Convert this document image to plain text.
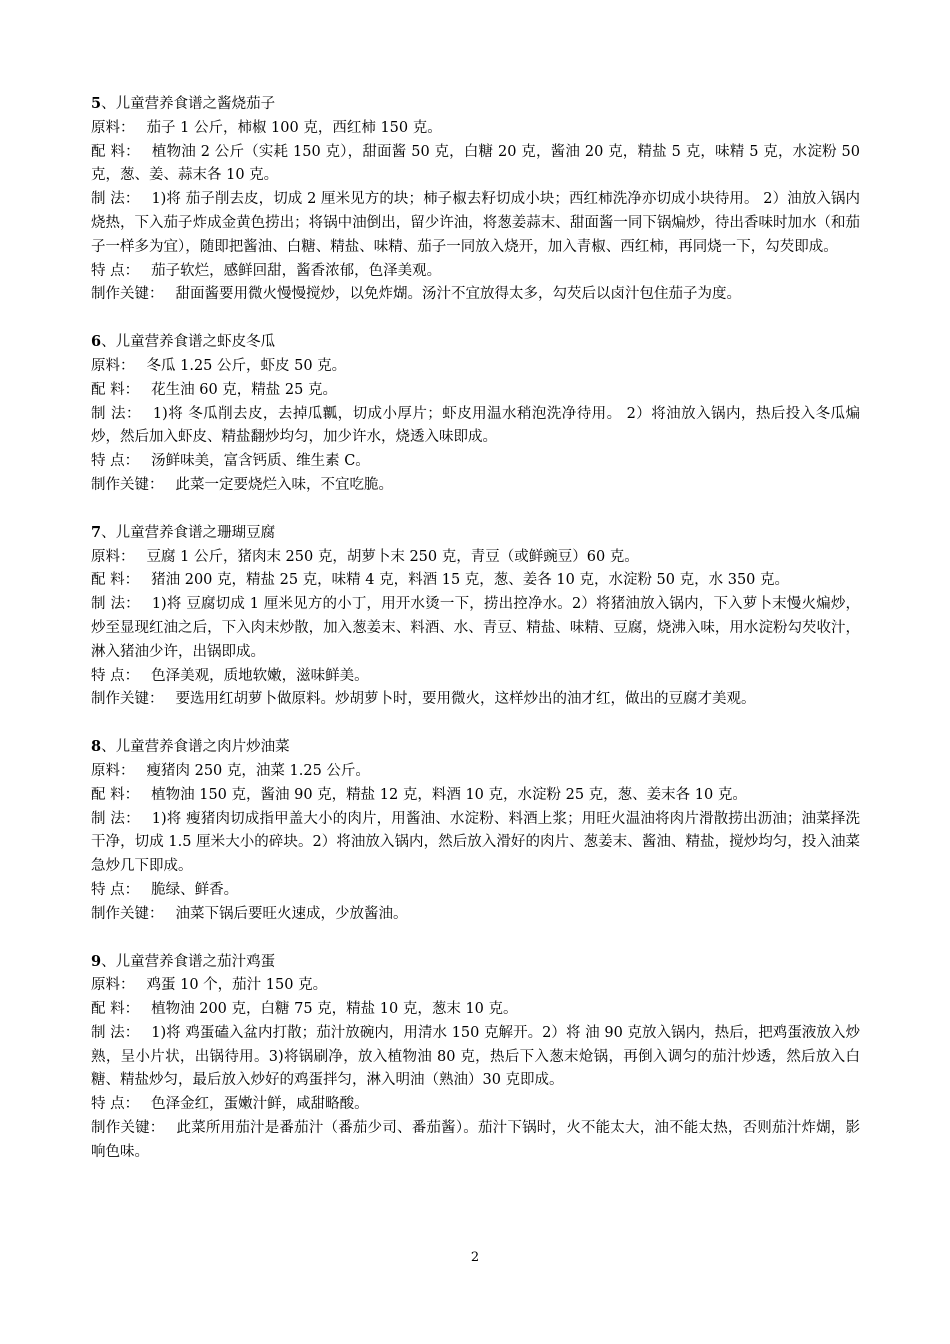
5、儿童营养食谱之酱烧茄子
原料： 茄子 1 公斤，柿椒 100 克，西红柿 150 克。
配 料： 植物油 2 公斤（实耗 150 克），甜面酱 50 克，白糖 20 克，酱油 20 克，精盐 5 克，味精 5 克，水淀粉 50 克，葱、姜、蒜末各 10 克。
制 法： 1)将 茄子削去皮，切成 2 厘米见方的块；柿子椒去籽切成小块；西红柿洗净亦切成小块待用。 2）油放入锅内烧热，下入茄子炸成金黄色捞出；将锅中油倒出，留少许油，将葱姜蒜末、甜面酱一同下锅煸炒，待出香味时加水（和茄子一样多为宜），随即把酱油、白糖、精盐、味精、茄子一同放入烧开，加入青椒、西红柿，再同烧一下，勾芡即成。
特 点： 茄子软烂，感鲜回甜，酱香浓郁，色泽美观。
制作关键： 甜面酱要用微火慢慢搅炒，以免炸煳。汤汁不宜放得太多，勾芡后以卤汁包住茄子为度。
6、儿童营养食谱之虾皮冬瓜
原料： 冬瓜 1.25 公斤，虾皮 50 克。
配 料： 花生油 60 克，精盐 25 克。
制 法： 1)将 冬瓜削去皮，去掉瓜瓤，切成小厚片；虾皮用温水稍泡洗净待用。 2）将油放入锅内，热后投入冬瓜煸炒，然后加入虾皮、精盐翻炒均匀，加少许水，烧透入味即成。
特 点： 汤鲜味美，富含钙质、维生素 C。
制作关键： 此菜一定要烧烂入味，不宜吃脆。
7、儿童营养食谱之珊瑚豆腐
原料： 豆腐 1 公斤，猪肉末 250 克，胡萝卜末 250 克，青豆（或鲜豌豆）60 克。
配 料： 猪油 200 克，精盐 25 克，味精 4 克，料酒 15 克，葱、姜各 10 克，水淀粉 50 克，水 350 克。
制 法： 1)将 豆腐切成 1 厘米见方的小丁，用开水烫一下，捞出控净水。2）将猪油放入锅内，下入萝卜末慢火煸炒，炒至显现红油之后，下入肉末炒散，加入葱姜末、料酒、水、青豆、精盐、味精、豆腐，烧沸入味，用水淀粉勾芡收汁，淋入猪油少许，出锅即成。
特 点： 色泽美观，质地软嫩，滋味鲜美。
制作关键： 要选用红胡萝卜做原料。炒胡萝卜时，要用微火，这样炒出的油才红，做出的豆腐才美观。
8、儿童营养食谱之肉片炒油菜
原料： 瘦猪肉 250 克，油菜 1.25 公斤。
配 料： 植物油 150 克，酱油 90 克，精盐 12 克，料酒 10 克，水淀粉 25 克，葱、姜末各 10 克。
制 法： 1)将 瘦猪肉切成指甲盖大小的肉片，用酱油、水淀粉、料酒上浆；用旺火温油将肉片滑散捞出沥油；油菜择洗干净，切成 1.5 厘米大小的碎块。2）将油放入锅内，然后放入滑好的肉片、葱姜末、酱油、精盐，搅炒均匀，投入油菜急炒几下即成。
特 点： 脆绿、鲜香。
制作关键： 油菜下锅后要旺火速成，少放酱油。
9、儿童营养食谱之茄汁鸡蛋
原料： 鸡蛋 10 个，茄汁 150 克。
配 料： 植物油 200 克，白糖 75 克，精盐 10 克，葱末 10 克。
制 法： 1)将 鸡蛋磕入盆内打散；茄汁放碗内，用清水 150 克解开。2）将 油 90 克放入锅内，热后，把鸡蛋液放入炒熟，呈小片状，出锅待用。3)将锅刷净，放入植物油 80 克，热后下入葱末炝锅，再倒入调匀的茄汁炒透，然后放入白糖、精盐炒匀，最后放入炒好的鸡蛋拌匀，淋入明油（熟油）30 克即成。
特 点： 色泽金红，蛋嫩汁鲜，咸甜略酸。
制作关键： 此菜所用茄汁是番茄汁（番茄少司、番茄酱）。茄汁下锅时，火不能太大，油不能太热，否则茄汁炸煳，影响色味。
2
